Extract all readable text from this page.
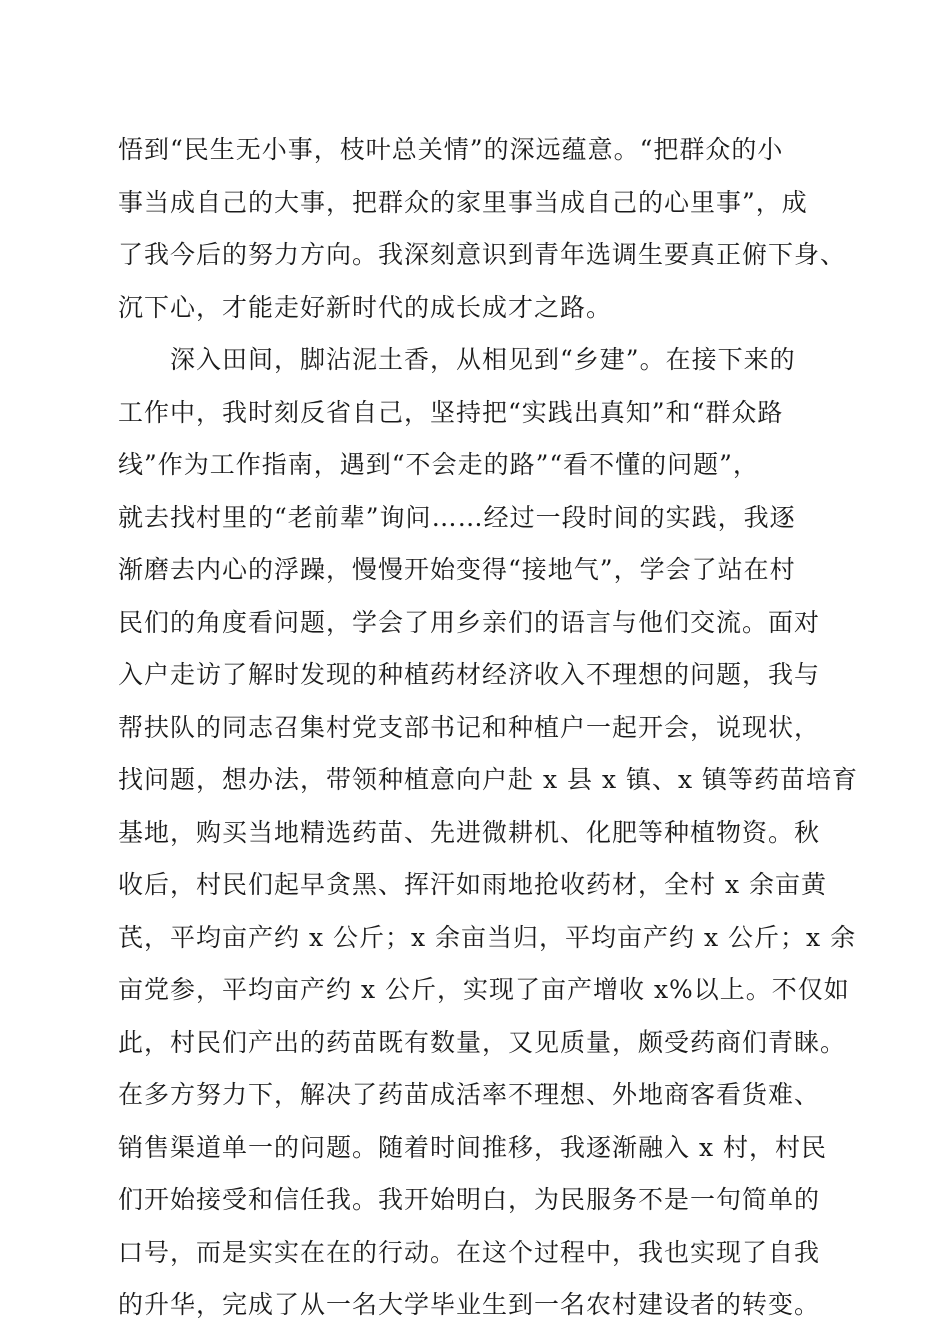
悟到“民生无小事，枝叶总关情”的深远蕴意。“把群众的小
事当成自己的大事，把群众的家里事当成自己的心里事”，成
了我今后的努力方向。我深刻意识到青年选调生要真正俯下身、
沉下心，才能走好新时代的成长成才之路。
　　深入田间，脚沾泥土香，从相见到“乡建”。在接下来的
工作中，我时刻反省自己，坚持把“实践出真知”和“群众路
线”作为工作指南，遇到“不会走的路”“看不懂的问题”，
就去找村里的“老前辈”询问……经过一段时间的实践，我逐
渐磨去内心的浮躁，慢慢开始变得“接地气”，学会了站在村
民们的角度看问题，学会了用乡亲们的语言与他们交流。面对
入户走访了解时发现的种植药材经济收入不理想的问题，我与
帮扶队的同志召集村党支部书记和种植户一起开会，说现状，
找问题，想办法，带领种植意向户赴 x 县 x 镇、x 镇等药苗培育
基地，购买当地精选药苗、先进微耕机、化肥等种植物资。秋
收后，村民们起早贪黑、挥汗如雨地抢收药材，全村 x 余亩黄
芪，平均亩产约 x 公斤；x 余亩当归，平均亩产约 x 公斤；x 余
亩党参，平均亩产约 x 公斤，实现了亩产增收 x%以上。不仅如
此，村民们产出的药苗既有数量，又见质量，颇受药商们青睐。
在多方努力下，解决了药苗成活率不理想、外地商客看货难、
销售渠道单一的问题。随着时间推移，我逐渐融入 x 村，村民
们开始接受和信任我。我开始明白，为民服务不是一句简单的
口号，而是实实在在的行动。在这个过程中，我也实现了自我
的升华，完成了从一名大学毕业生到一名农村建设者的转变。
